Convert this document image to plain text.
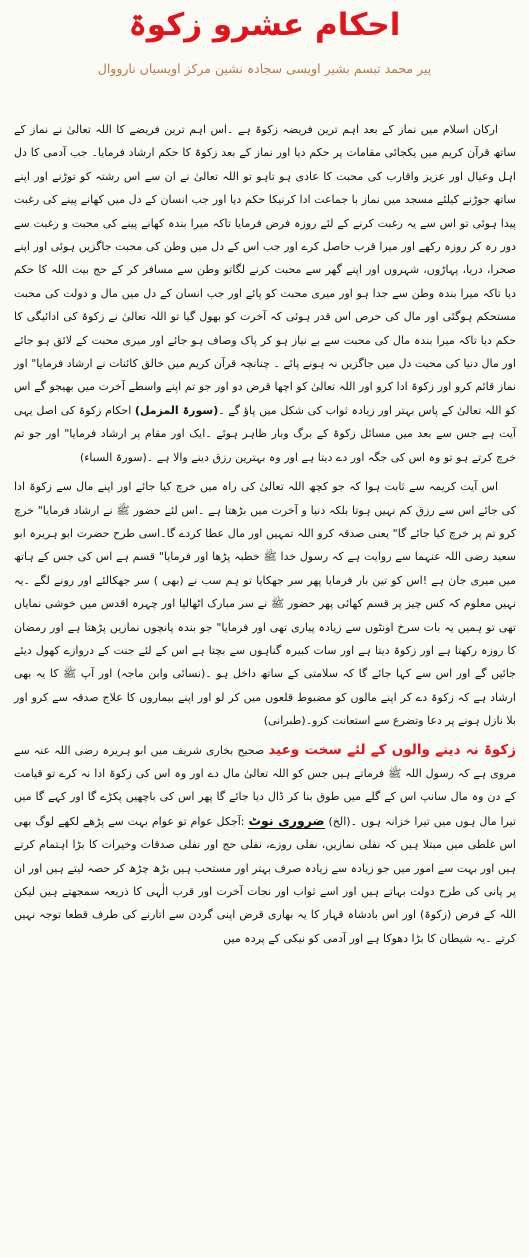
احکام عشرو زکوۃ
پیر محمد تبسم بشیر اویسی سجادہ نشین مرکز اویسیاں نارووال

ارکان اسلام میں نماز کے بعد اہم ترین فریضہ زکوۃ ہے ۔اس اہم ترین فریضے کا اللہ تعالیٰ نے نماز کے ساتھ قرآن کریم میں یکجائی مقامات پر حکم دیا اور نماز کے بعد زکوۃ کا حکم ارشاد فرمایا۔ جب آدمی کا دل اہل وعیال اور عزیز واقارب کی محبت کا عادی ہو تاہو تو اللہ تعالیٰ نے ان سے اس رشتہ کو توڑنے اور اپنے ساتھ جوڑنے کیلئے مسجد میں نماز با جماعت ادا کرنیکا حکم دیا اور جب انسان کے دل میں کھانے پینے کی رغبت پیدا ہوئی تو اس سے یہ رغبت کرنے کے لئے روزہ فرض فرمایا تاکہ میرا بندہ کھانے پینے کی محبت و رغبت سے دور رہ کر روزہ رکھے اور میرا قرب حاصل کرے اور جب اس کے دل میں وطن کی محبت جاگزیں ہوئی اور اپنے صحرا، دریا، پہاڑوں، شہروں اور اپنے گھر سے محبت کرنے لگاتو وطن سے مسافر کر کے حج بیت اللہ کا حکم دیا تاکہ میرا بندہ وطن سے جدا ہو اور میری محبت کو پائے اور جب انسان کے دل میں مال و دولت کی محبت مستحکم ہوگئی اور مال کی حرص اس قدر ہوئی کہ آخرت کو بھول گیا تو اللہ تعالیٰ نے زکوۃ کی ادائیگی کا حکم دیا تاکہ میرا بندہ مال کی محبت سے بے نیاز ہو کر پاک وصاف ہو جائے اور میری محبت کے لائق ہو جائے اور مال دنیا کی محبت دل میں جاگزیں نہ ہونے پائے ۔ چنانچہ قرآن کریم میں خالق کائنات نے ارشاد فرمایا" اور نماز قائم کرو اور زکوۃ ادا کرو اور اللہ تعالیٰ کو اچھا قرض دو اور جو تم اپنے واسطے آخرت میں بھیجو گے اس کو اللہ تعالیٰ کے پاس بہتر اور زیادہ ثواب کی شکل میں پاؤ گے ۔(سورۃ المزمل) احکام زکوۃ کی اصل یہی آیت ہے جس سے بعد میں مسائل زکوۃ کے برگ وبار ظاہر ہوئے ۔ایک اور مقام پر ارشاد فرمایا" اور جو تم خرچ کرتے ہو تو وہ اس کی جگہ اور دے دیتا ہے اور وہ بہترین رزق دینے والا ہے ۔(سورۃ السباء)

اس آیت کریمہ سے ثابت ہوا کہ جو کچھ اللہ تعالیٰ کی راہ میں خرچ کیا جائے اور اپنے مال سے زکوۃ ادا کی جائے اس سے رزق کم نہیں ہوتا بلکہ دنیا و آخرت میں بڑھتا ہے ۔اس لئے حضور ﷺ نے ارشاد فرمایا" خرچ کرو تم پر خرچ کیا جائے گا" یعنی صدقہ کرو اللہ تمہیں اور مال عطا کردے گا۔اسی طرح حضرت ابو ہریرہ ابو سعید رضی اللہ عنہما سے روایت ہے کہ رسول خدا ﷺ خطبہ پڑھا اور فرمایا" قسم ہے اس کی جس کے ہاتھ میں میری جان ہے !اس کو تین بار فرمایا پھر سر جھکایا تو ہم سب نے (بھی ) سر جھکالئے اور رونے لگے ۔یہ نہیں معلوم کہ کس چیز پر قسم کھائی پھر حضور ﷺ نے سر مبارک اٹھالیا اور چہرہ اقدس میں خوشی نمایاں تھی تو ہمیں یہ بات سرخ اونٹوں سے زیادہ پیاری تھی اور فرمایا" جو بندہ پانچوں نمازیں پڑھتا ہے اور رمضان کا روزہ رکھتا ہے اور زکوۃ دیتا ہے اور سات کبیرہ گناہوں سے بچتا ہے اس کے لئے جنت کے دروازے کھول دیئے جائیں گے اور اس سے کہا جائے گا کہ سلامتی کے ساتھ داخل ہو ۔(نسائی وابن ماجہ) اور آپ ﷺ کا یہ بھی ارشاد ہے کہ زکوۃ دے کر اپنے مالوں کو مضبوط قلعوں میں کر لو اور اپنے بیماروں کا علاج صدقہ سے کرو اور بلا نازل ہونے پر دعا وتضرع سے استعانت کرو۔(طبرانی)

زکوۃ نہ دینے والوں کے لئے سخت وعید صحیح بخاری شریف میں ابو ہریرہ رضی اللہ عنہ سے مروی ہے کہ رسول اللہ ﷺ فرماتے ہیں جس کو اللہ تعالیٰ مال دے اور وہ اس کی زکوۃ ادا نہ کرے تو قیامت کے دن وہ مال سانپ اس کے گلے میں طوق بنا کر ڈال دیا جائے گا پھر اس کی باچھیں پکڑے گا اور کہے گا میں تیرا مال ہوں میں تیرا خزانہ ہوں ۔(الخ) ضروری نوٹ :آجکل عوام تو عوام بہت سے پڑھے لکھے لوگ بھی اس غلطی میں مبتلا ہیں کہ نفلی نمازیں، نفلی روزے، نفلی حج اور نفلی صدقات وخیرات کا بڑا اہتمام کرتے ہیں اور بہت سے امور میں جو زیادہ سے زیادہ صرف بہتر اور مستحب ہیں بڑھ چڑھ کر حصہ لیتے ہیں اور ان پر پانی کی طرح دولت بہاتے ہیں اور اسے ثواب اور نجات آخرت اور قرب الٰہی کا ذریعہ سمجھتے ہیں لیکن اللہ کے فرض (زکوۃ) اور اس بادشاہ قہار کا یہ بھاری قرض اپنی گردن سے اتارنے کی طرف قطعا توجہ نہیں کرتے ۔یہ شیطان کا بڑا دھوکا ہے اور آدمی کو نیکی کے پردہ میں
